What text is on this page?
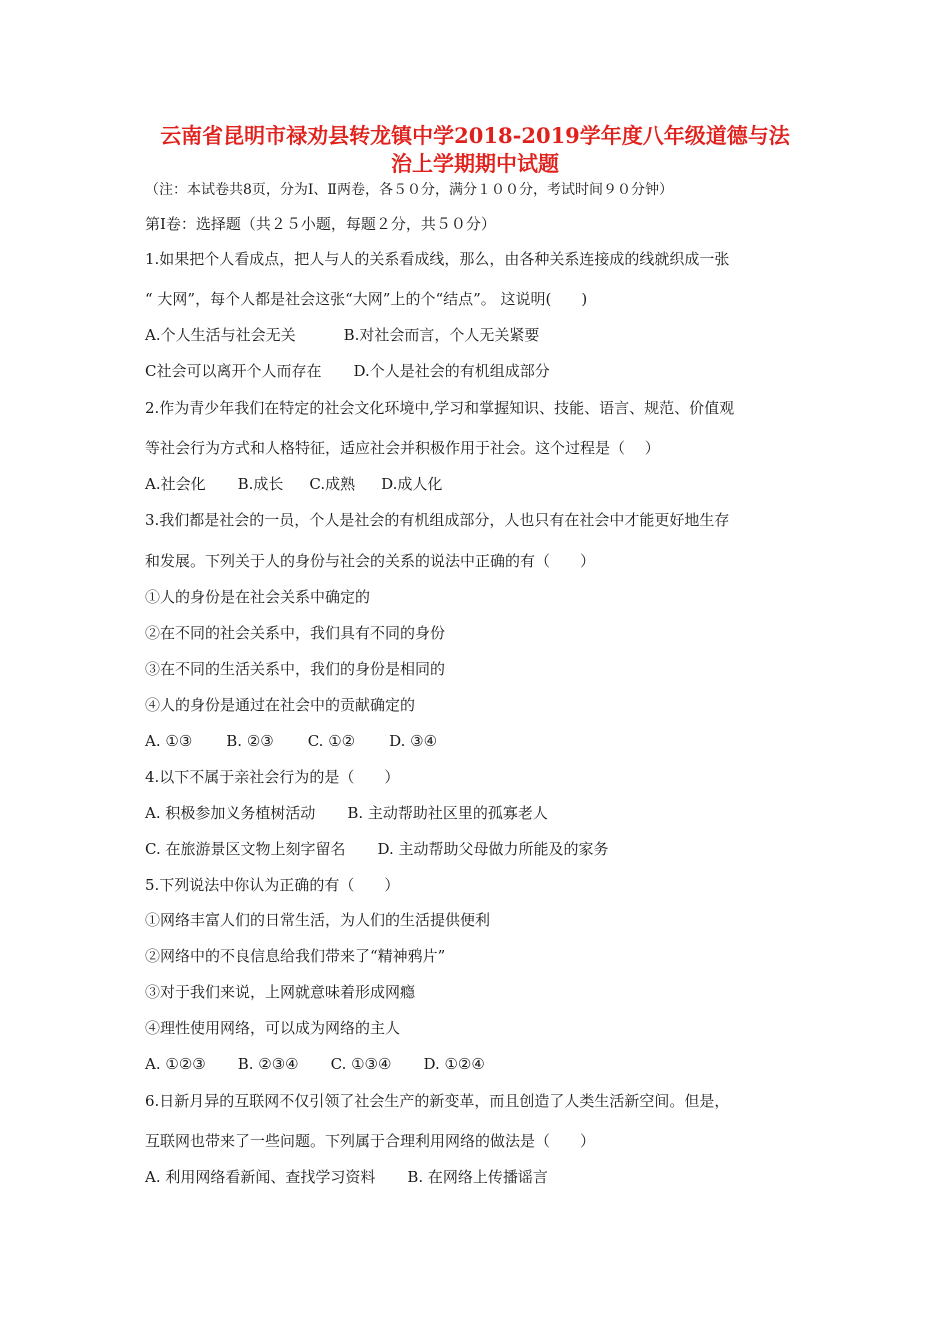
云南省昆明市禄劝县转龙镇中学2018-2019学年度八年级道德与法
治上学期期中试题
（注：本试卷共8页，分为Ⅰ、Ⅱ两卷，各５０分，满分１００分，考试时间９０分钟）
第Ⅰ卷：选择题（共２５小题，每题２分，共５０分）
1.如果把个人看成点，把人与人的关系看成线，那么，由各种关系连接成的线就织成一张
“ 大网”，每个人都是社会这张“大网”上的个“结点”。 这说明(　　)
A.个人生活与社会无关	B.对社会而言，个人无关紧要
C社会可以离开个人而存在 D.个人是社会的有机组成部分
2.作为青少年我们在特定的社会文化环境中,学习和掌握知识、技能、语言、规范、价值观
等社会行为方式和人格特征，适应社会并积极作用于社会。这个过程是（　 ）
A.社会化 B.成长 C.成熟 D.成人化
3.我们都是社会的一员，个人是社会的有机组成部分，人也只有在社会中才能更好地生存
和发展。下列关于人的身份与社会的关系的说法中正确的有（　　）
①人的身份是在社会关系中确定的
②在不同的社会关系中，我们具有不同的身份
③在不同的生活关系中，我们的身份是相同的
④人的身份是通过在社会中的贡献确定的
A. ①③ B. ②③ C. ①② D. ③④
4.以下不属于亲社会行为的是（　　）
A. 积极参加义务植树活动 B. 主动帮助社区里的孤寡老人
C. 在旅游景区文物上刻字留名 D. 主动帮助父母做力所能及的家务
5.下列说法中你认为正确的有（　　）
①网络丰富人们的日常生活，为人们的生活提供便利
②网络中的不良信息给我们带来了“精神鸦片”
③对于我们来说，上网就意味着形成网瘾
④理性使用网络，可以成为网络的主人
A. ①②③ B. ②③④ C. ①③④ D. ①②④
6.日新月异的互联网不仅引领了社会生产的新变革，而且创造了人类生活新空间。但是，
互联网也带来了一些问题。下列属于合理利用网络的做法是（　　）
A. 利用网络看新闻、查找学习资料 B. 在网络上传播谣言
